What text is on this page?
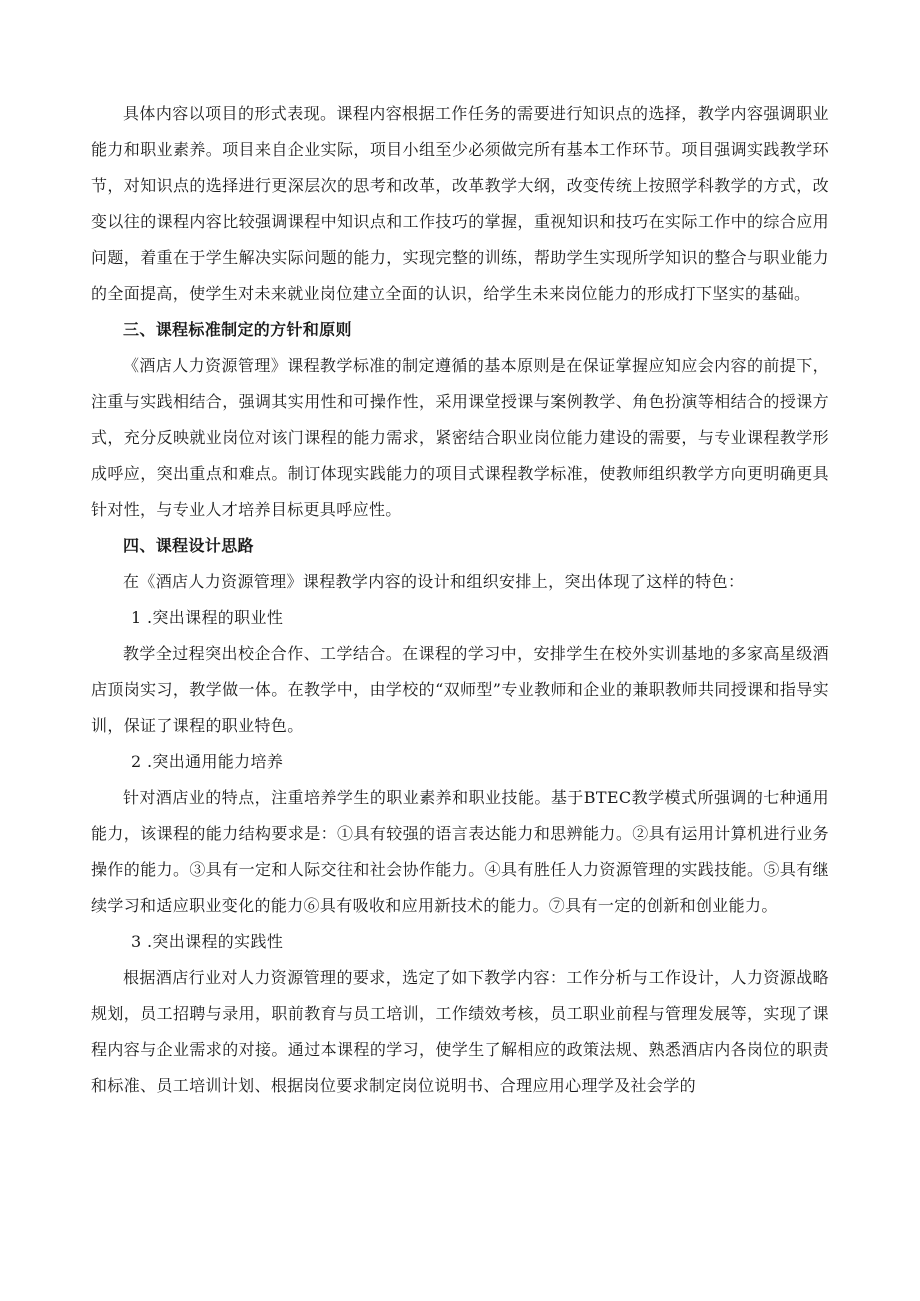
具体内容以项目的形式表现。课程内容根据工作任务的需要进行知识点的选择，教学内容强调职业能力和职业素养。项目来自企业实际，项目小组至少必须做完所有基本工作环节。项目强调实践教学环节，对知识点的选择进行更深层次的思考和改革，改革教学大纲，改变传统上按照学科教学的方式，改变以往的课程内容比较强调课程中知识点和工作技巧的掌握，重视知识和技巧在实际工作中的综合应用问题，着重在于学生解决实际问题的能力，实现完整的训练，帮助学生实现所学知识的整合与职业能力的全面提高，使学生对未来就业岗位建立全面的认识，给学生未来岗位能力的形成打下坚实的基础。

三、课程标准制定的方针和原则

《酒店人力资源管理》课程教学标准的制定遵循的基本原则是在保证掌握应知应会内容的前提下，注重与实践相结合，强调其实用性和可操作性，采用课堂授课与案例教学、角色扮演等相结合的授课方式，充分反映就业岗位对该门课程的能力需求，紧密结合职业岗位能力建设的需要，与专业课程教学形成呼应，突出重点和难点。制订体现实践能力的项目式课程教学标准，使教师组织教学方向更明确更具针对性，与专业人才培养目标更具呼应性。

四、课程设计思路

在《酒店人力资源管理》课程教学内容的设计和组织安排上，突出体现了这样的特色：

1 .突出课程的职业性

教学全过程突出校企合作、工学结合。在课程的学习中，安排学生在校外实训基地的多家高星级酒店顶岗实习，教学做一体。在教学中，由学校的“双师型”专业教师和企业的兼职教师共同授课和指导实训，保证了课程的职业特色。

2 .突出通用能力培养

针对酒店业的特点，注重培养学生的职业素养和职业技能。基于BTEC教学模式所强调的七种通用能力，该课程的能力结构要求是：①具有较强的语言表达能力和思辨能力。②具有运用计算机进行业务操作的能力。③具有一定和人际交往和社会协作能力。④具有胜任人力资源管理的实践技能。⑤具有继续学习和适应职业变化的能力⑥具有吸收和应用新技术的能力。⑦具有一定的创新和创业能力。

3 .突出课程的实践性

根据酒店行业对人力资源管理的要求，选定了如下教学内容：工作分析与工作设计，人力资源战略规划，员工招聘与录用，职前教育与员工培训，工作绩效考核，员工职业前程与管理发展等，实现了课程内容与企业需求的对接。通过本课程的学习，使学生了解相应的政策法规、熟悉酒店内各岗位的职责和标准、员工培训计划、根据岗位要求制定岗位说明书、合理应用心理学及社会学的
